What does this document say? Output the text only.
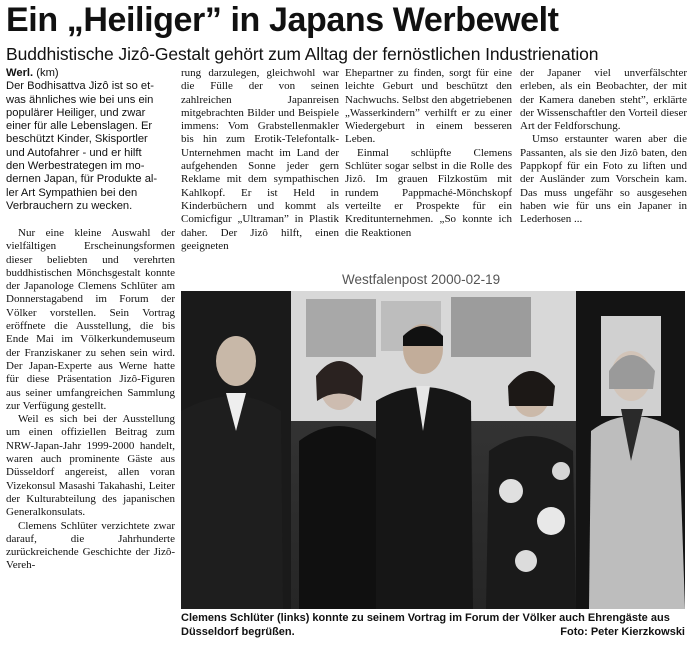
Ein „Heiliger” in Japans Werbewelt
Buddhistische Jizô-Gestalt gehört zum Alltag der fernöstlichen Industrienation
Werl. (km)
Der Bodhisattva Jizô ist so et-
was ähnliches wie bei uns ein
populärer Heiliger, und zwar
einer für alle Lebenslagen. Er
beschützt Kinder, Skisportler
und Autofahrer - und er hilft
den Werbestrategen im mo-
dernen Japan, für Produkte al-
ler Art Sympathien bei den
Verbrauchern zu wecken.

Nur eine kleine Auswahl der vielfältigen Erscheinungsformen dieser beliebten und verehrten buddhistischen Mönchsgestalt konnte der Japanologe Clemens Schlüter am Donnerstagabend im Forum der Völker vorstellen. Sein Vortrag eröffnete die Ausstellung, die bis Ende Mai im Völkerkundemuseum der Franziskaner zu sehen sein wird. Der Japan-Experte aus Werne hatte für diese Präsentation Jizô-Figuren aus seiner umfangreichen Sammlung zur Verfügung gestellt.

Weil es sich bei der Ausstellung um einen offiziellen Beitrag zum NRW-Japan-Jahr 1999-2000 handelt, waren auch prominente Gäste aus Düsseldorf angereist, allen voran Vizekonsul Masashi Takahashi, Leiter der Kulturabteilung des japanischen Generalkonsulats.

Clemens Schlüter verzichtete zwar darauf, die Jahrhunderte zurückreichende Geschichte der Jizô-Vereh-

rung darzulegen, gleichwohl war die Fülle der von seinen zahlreichen Japanreisen mitgebrachten Bilder und Beispiele immens: Vom Grabstellenmakler bis hin zum Erotik-Telefontalk-Unternehmen macht im Land der aufgehenden Sonne jeder gern Reklame mit dem sympathischen Kahlkopf. Er ist Held in Kinderbüchern und kommt als Comicfigur „Ultraman” in Plastik daher. Der Jizô hilft, einen geeigneten

Ehepartner zu finden, sorgt für eine leichte Geburt und beschützt den Nachwuchs. Selbst den abgetriebenen „Wasserkindern” verhilft er zu einer Wiedergeburt in einem besseren Leben.

Einmal schlüpfte Clemens Schlüter sogar selbst in die Rolle des Jizô. Im grauen Filzkostüm mit rundem Pappmaché-Mönchskopf verteilte er Prospekte für ein Kreditunternehmen. „So konnte ich die Reaktionen

der Japaner viel unverfälschter erleben, als ein Beobachter, der mit der Kamera daneben steht”, erklärte der Wissenschaftler den Vorteil dieser Art der Feldforschung.

Umso erstaunter waren aber die Passanten, als sie den Jizô baten, den Pappkopf für ein Foto zu liften und der Ausländer zum Vorschein kam. Das muss ungefähr so ausgesehen haben wie für uns ein Japaner in Lederhosen ...

Westfalenpost 2000-02-19
Clemens Schlüter (links) konnte zu seinem Vortrag im Forum der Völker auch Ehrengäste aus Düsseldorf begrüßen.	Foto: Peter Kierzkowski
